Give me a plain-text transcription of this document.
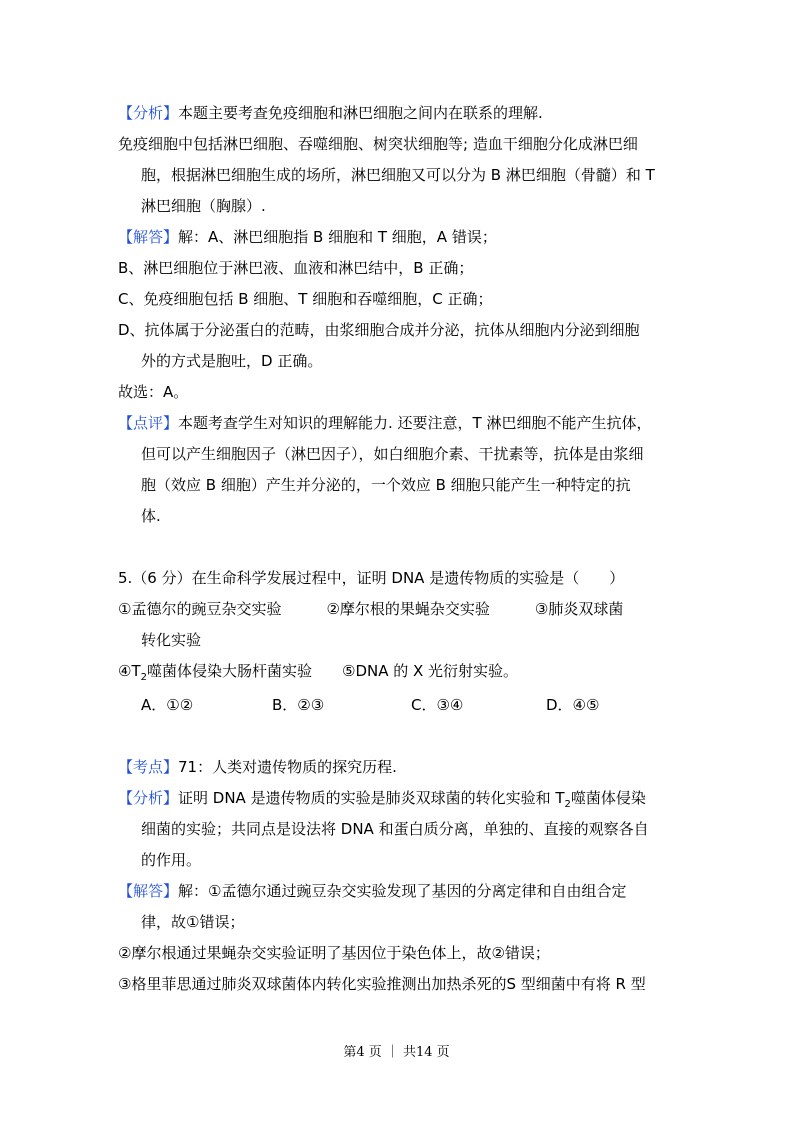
【分析】本题主要考查免疫细胞和淋巴细胞之间内在联系的理解.
免疫细胞中包括淋巴细胞、吞噬细胞、树突状细胞等; 造血干细胞分化成淋巴细
胞，根据淋巴细胞生成的场所，淋巴细胞又可以分为 B 淋巴细胞（骨髓）和 T
淋巴细胞（胸腺）.
【解答】解：A、淋巴细胞指 B 细胞和 T 细胞，A 错误；
B、淋巴细胞位于淋巴液、血液和淋巴结中，B 正确；
C、免疫细胞包括 B 细胞、T 细胞和吞噬细胞，C 正确；
D、抗体属于分泌蛋白的范畴，由浆细胞合成并分泌，抗体从细胞内分泌到细胞
外的方式是胞吐，D 正确。
故选：A。
【点评】本题考查学生对知识的理解能力. 还要注意，T 淋巴细胞不能产生抗体，
但可以产生细胞因子（淋巴因子），如白细胞介素、干扰素等，抗体是由浆细
胞（效应 B 细胞）产生并分泌的，一个效应 B 细胞只能产生一种特定的抗
体.
5.（6 分）在生命科学发展过程中，证明 DNA 是遗传物质的实验是（　　）
①孟德尔的豌豆杂交实验　　　②摩尔根的果蝇杂交实验　　　③肺炎双球菌
转化实验
$④T_2$噬菌体侵染大肠杆菌实验　　⑤DNA 的 X 光衍射实验。
【考点】71：人类对遗传物质的探究历程.
【分析】证明 DNA 是遗传物质的实验是肺炎双球菌的转化实验和 $T_2$噬菌体侵染
细菌的实验；共同点是设法将 DNA 和蛋白质分离，单独的、直接的观察各自
的作用。
【解答】解：①孟德尔通过豌豆杂交实验发现了基因的分离定律和自由组合定
律，故①错误；
②摩尔根通过果蝇杂交实验证明了基因位于染色体上，故②错误；
③格里菲思通过肺炎双球菌体内转化实验推测出加热杀死的S 型细菌中有将 R 型
A．①②	B．②③	C．③④	D．④⑤
第4 页 ｜ 共14 页
